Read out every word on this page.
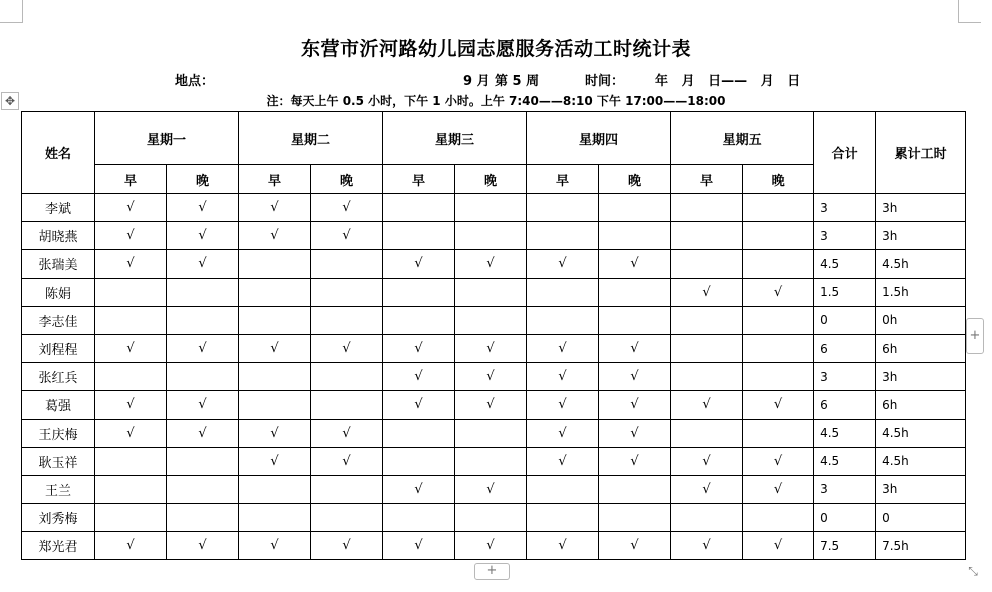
东营市沂河路幼儿园志愿服务活动工时统计表
地点：	9 月 第 5 周	时间： 年   月   日——   月   日
注：每天上午 0.5 小时，下午 1 小时。上午 7:40——8:10 下午 17:00——18:00
✥
姓名	星期一		星期二		星期三		星期四		星期五		合计	累计工时
	早	晚	早	晚	早	晚	早	晚	早	晚		
李斌	√	√	√	√							3	3h
胡晓燕	√	√	√	√							3	3h
张瑞美	√	√			√	√	√	√			4.5	4.5h
陈娟									√	√	1.5	1.5h
李志佳											0	0h
刘程程	√	√	√	√	√	√	√	√			6	6h
张红兵					√	√	√	√			3	3h
葛强	√	√			√	√	√	√	√	√	6	6h
王庆梅	√	√	√	√			√	√			4.5	4.5h
耿玉祥			√	√			√	√	√	√	4.5	4.5h
王兰					√	√			√	√	3	3h
刘秀梅											0	0
郑光君	√	√	√	√	√	√	√	√	√	√	7.5	7.5h
+
+	⤡
